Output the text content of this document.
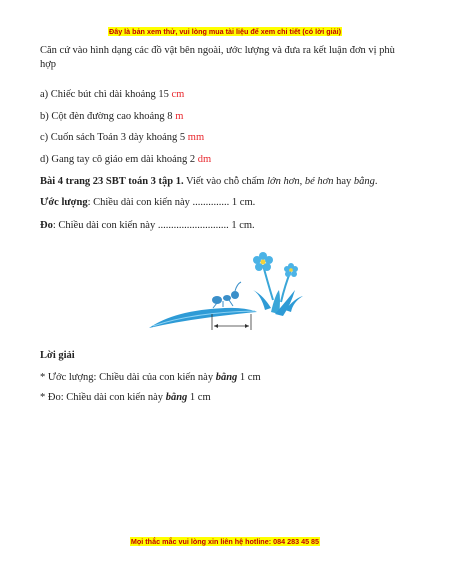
Đây là bản xem thử, vui lòng mua tài liệu để xem chi tiết (có lời giải)
Căn cứ vào hình dạng các đồ vật bên ngoài, ước lượng và đưa ra kết luận đơn vị phù hợp
a) Chiếc bút chì dài khoảng 15 cm
b) Cột đèn đường cao khoảng 8 m
c) Cuốn sách Toán 3 dày khoảng 5 mm
d) Gang tay cô giáo em dài khoảng 2 dm
Bài 4 trang 23 SBT toán 3 tập 1. Viết vào chỗ chấm lớn hơn, bé hơn hay bằng.
Ước lượng: Chiều dài con kiến này .............. 1 cm.
Đo: Chiều dài con kiến này ........................... 1 cm.
Lời giải
* Ước lượng: Chiều dài của con kiến này bằng 1 cm
* Đo: Chiều dài con kiến này bằng 1 cm
Mọi thắc mắc vui lòng xin liên hệ hotline: 084 283 45 85
